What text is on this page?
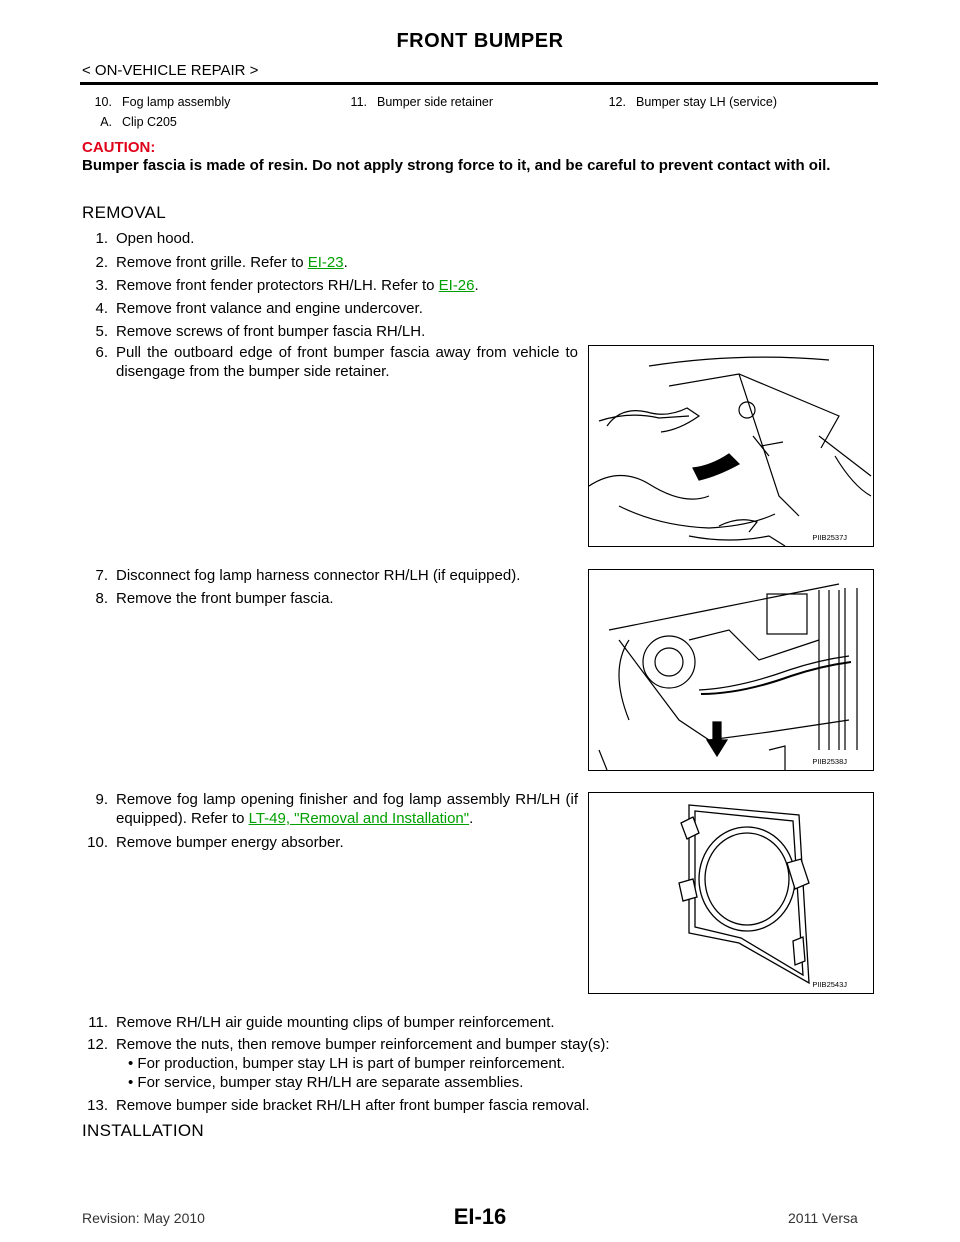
FRONT BUMPER
< ON-VEHICLE REPAIR >
10. Fog lamp assembly	11. Bumper side retainer	12. Bumper stay LH (service)
A. Clip C205
CAUTION:
Bumper fascia is made of resin. Do not apply strong force to it, and be careful to prevent contact with oil.
REMOVAL
1. Open hood.
2. Remove front grille. Refer to EI-23.
3. Remove front fender protectors RH/LH. Refer to EI-26.
4. Remove front valance and engine undercover.
5. Remove screws of front bumper fascia RH/LH.
6. Pull the outboard edge of front bumper fascia away from vehicle to disengage from the bumper side retainer.
PIIB2537J
7. Disconnect fog lamp harness connector RH/LH (if equipped).
8. Remove the front bumper fascia.
PIIB2538J
9. Remove fog lamp opening finisher and fog lamp assembly RH/LH (if equipped). Refer to LT-49, "Removal and Installation".
10. Remove bumper energy absorber.
PIIB2543J
11. Remove RH/LH air guide mounting clips of bumper reinforcement.
12. Remove the nuts, then remove bumper reinforcement and bumper stay(s):
• For production, bumper stay LH is part of bumper reinforcement.
• For service, bumper stay RH/LH are separate assemblies.
13. Remove bumper side bracket RH/LH after front bumper fascia removal.
INSTALLATION
Revision: May 2010	EI-16	2011 Versa
